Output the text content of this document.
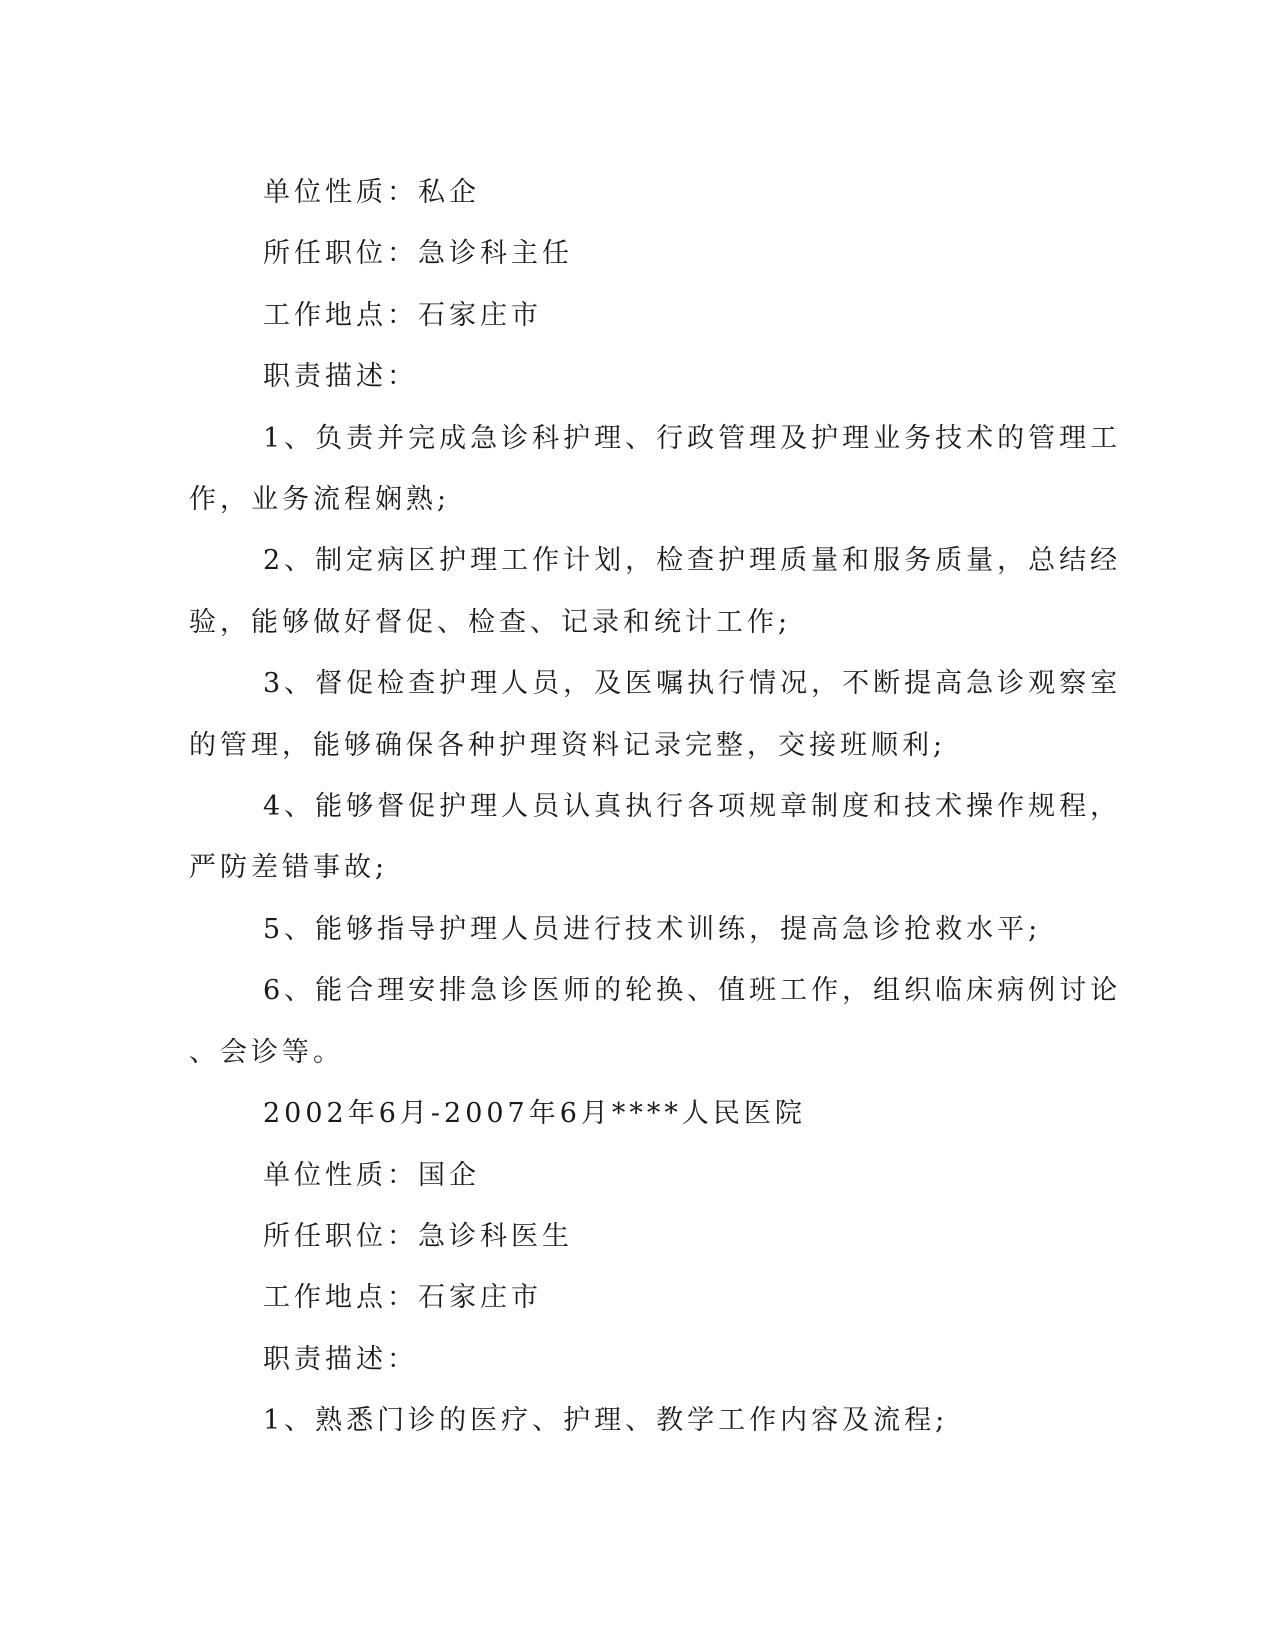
单位性质：私企

所任职位：急诊科主任

工作地点：石家庄市

职责描述：

1、负责并完成急诊科护理、行政管理及护理业务技术的管理工

作，业务流程娴熟;

2、制定病区护理工作计划，检查护理质量和服务质量，总结经

验，能够做好督促、检查、记录和统计工作;

3、督促检查护理人员，及医嘱执行情况，不断提高急诊观察室

的管理，能够确保各种护理资料记录完整，交接班顺利;

4、能够督促护理人员认真执行各项规章制度和技术操作规程，

严防差错事故;

5、能够指导护理人员进行技术训练，提高急诊抢救水平;

6、能合理安排急诊医师的轮换、值班工作，组织临床病例讨论

、会诊等。

2002年6月-2007年6月****人民医院

单位性质：国企

所任职位：急诊科医生

工作地点：石家庄市

职责描述：

1、熟悉门诊的医疗、护理、教学工作内容及流程;
